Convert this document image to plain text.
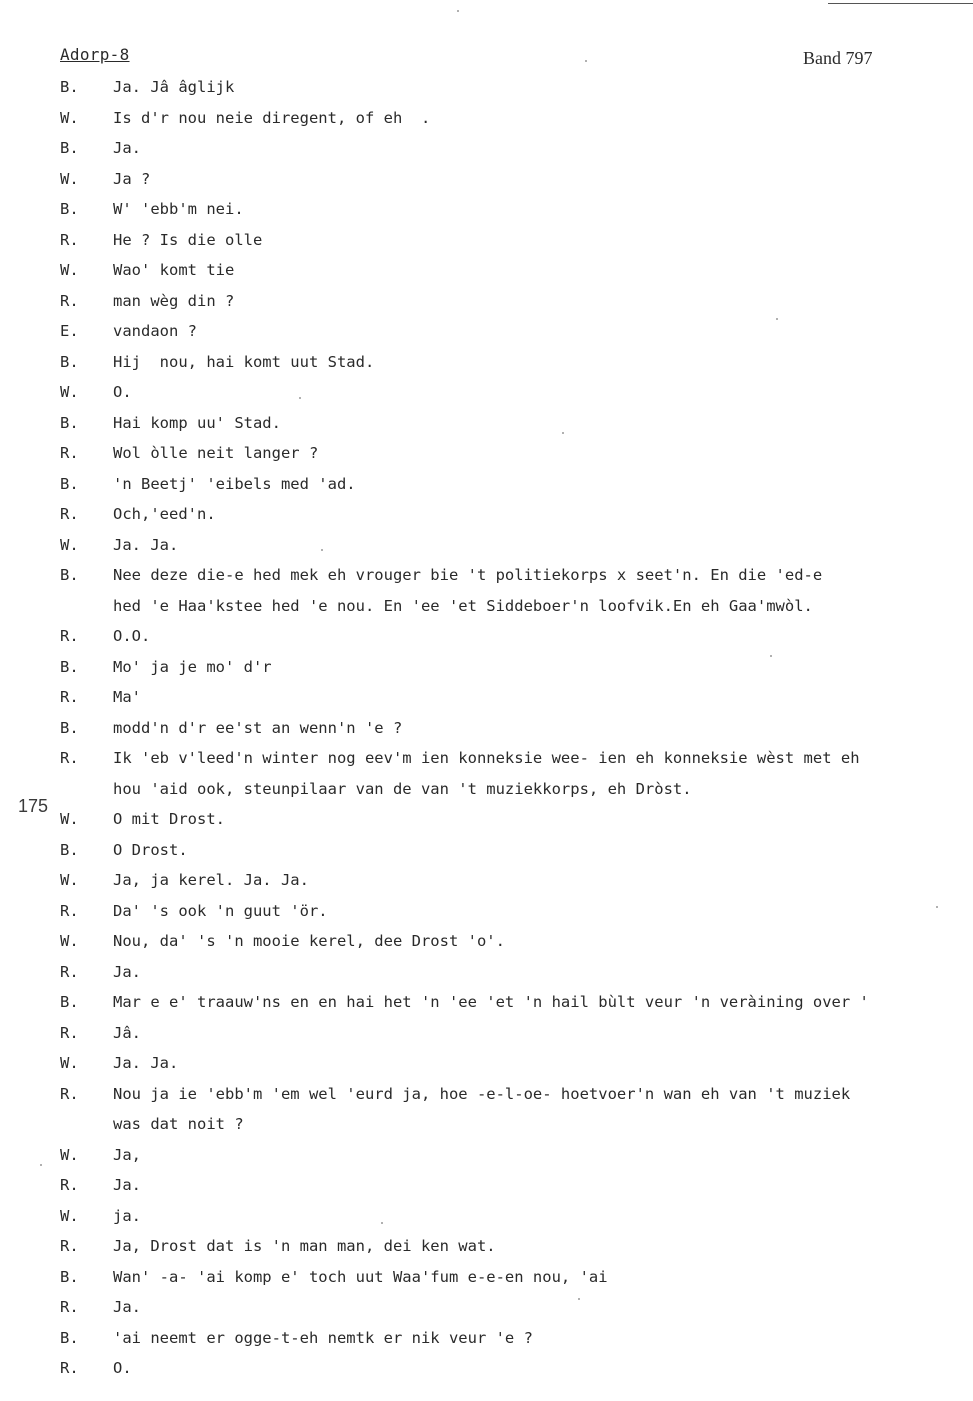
Adorp-8	Band 797
175
B.	Ja. Jâ âglijk
W.	Is d'r nou neie diregent, of eh  .
B.	Ja.
W.	Ja ?
B.	W' 'ebb'm nei.
R.	He ? Is die olle
W.	Wao' komt tie
R.	man wèg din ?
E.	vandaon ?
B.	Hij  nou, hai komt uut Stad.
W.	O.
B.	Hai komp uu' Stad.
R.	Wol òlle neit langer ?
B.	'n Beetj' 'eibels med 'ad.
R.	Och,'eed'n.
W.	Ja. Ja.
B.	Nee deze die-e hed mek eh vrouger bie 't politiekorps x seet'n. En die 'ed-e
hed 'e Haa'kstee hed 'e nou. En 'ee 'et Siddeboer'n loofvik.En eh Gaa'mwòl.
R.	O.O.
B.	Mo' ja je mo' d'r
R.	Ma'
B.	modd'n d'r ee'st an wenn'n 'e ?
R.	Ik 'eb v'leed'n winter nog eev'm ien konneksie wee- ien eh konneksie wèst met eh
hou 'aid ook, steunpilaar van de van 't muziekkorps, eh Dròst.
W.	O mit Drost.
B.	O Drost.
W.	Ja, ja kerel. Ja. Ja.
R.	Da' 's ook 'n guut 'ör.
W.	Nou, da' 's 'n mooie kerel, dee Drost 'o'.
R.	Ja.
B.	Mar e e' traauw'ns en en hai het 'n 'ee 'et 'n hail bùlt veur 'n veràining over '
R.	Jâ.
W.	Ja. Ja.
R.	Nou ja ie 'ebb'm 'em wel 'eurd ja, hoe -e-l-oe- hoetvoer'n wan eh van 't muziek
was dat noit ?
W.	Ja,
R.	Ja.
W.	ja.
R.	Ja, Drost dat is 'n man man, dei ken wat.
B.	Wan' -a- 'ai komp e' toch uut Waa'fum e-e-en nou, 'ai
R.	Ja.
B.	'ai neemt er ogge-t-eh nemtk er nik veur 'e ?
R.	O.
